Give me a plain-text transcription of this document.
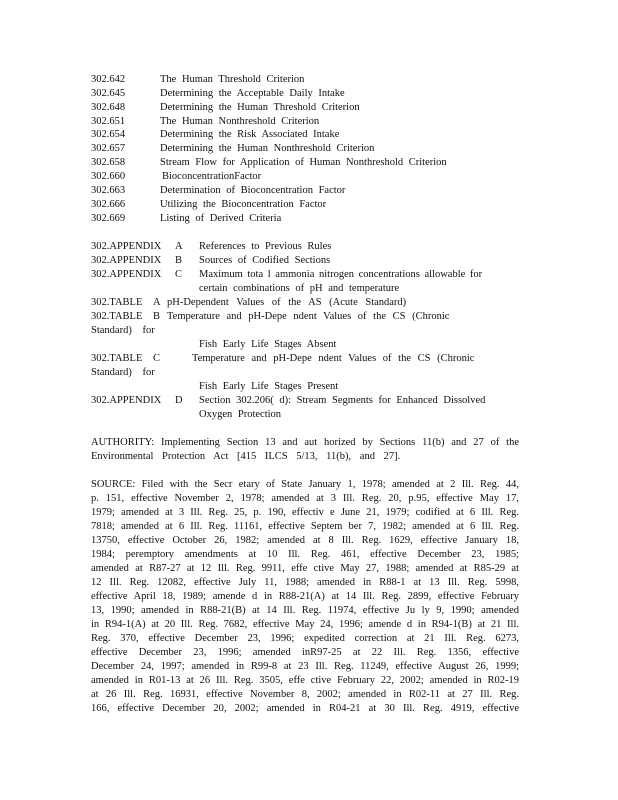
302.642	The Human Threshold Criterion
302.645	Determining the Acceptable Daily Intake
302.648	Determining the Human Threshold Criterion
302.651	The Human Nonthreshold Criterion
302.654	Determining the Risk Associated Intake
302.657	Determining the Human Nonthreshold Criterion
302.658	Stream Flow for Application of Human Nonthreshold Criterion
302.660	BioconcentrationFactor
302.663	Determination of Bioconcentration Factor
302.666	Utilizing the Bioconcentration Factor
302.669	Listing of Derived Criteria
302.APPENDIX A References to Previous Rules
302.APPENDIX B Sources of Codified Sections
302.APPENDIX C Maximum tota l ammonia nitrogen concentrations allowable for
certain combinations of pH and temperature
302.TABLE A pH-Dependent Values of the AS (Acute Standard)
302.TABLE B Temperature and pH-Depe ndent Values of the CS (Chronic
Standard) for
Fish Early Life Stages Absent
302.TABLE C	Temperature and pH-Depe ndent Values of the CS (Chronic
Standard) for
Fish Early Life Stages Present
302.APPENDIX D Section 302.206( d): Stream Segments for Enhanced Dissolved
Oxygen Protection
AUTHORITY: Implementing Section 13 and aut horized by Sections 11(b) and 27 of the
Environmental Protection Act [415 ILCS 5/13, 11(b), and 27].
SOURCE: Filed with the Secr etary of State January 1, 1978; amended at 2 Ill. Reg. 44,
p. 151, effective November 2, 1978; amended at 3 Ill. Reg. 20, p.95, effective May 17,
1979; amended at 3 Ill. Reg. 25, p. 190, effectiv e June 21, 1979; codified at 6 Ill. Reg.
7818; amended at 6 Ill. Reg. 11161, effective Septem ber 7, 1982; amended at 6 Ill. Reg.
13750, effective October 26, 1982; amended at 8 Ill. Reg. 1629, effective January 18,
1984; peremptory amendments at 10 Ill. Reg. 461, effective December 23, 1985;
amended at R87-27 at 12 Ill. Reg. 9911, effe ctive May 27, 1988; amended at R85-29 at
12 Ill. Reg. 12082, effective July 11, 1988; amended in R88-1 at 13 Ill. Reg. 5998,
effective April 18, 1989; amende d in R88-21(A) at 14 Ill. Reg. 2899, effective February
13, 1990; amended in R88-21(B) at 14 Ill. Reg. 11974, effective Ju ly 9, 1990; amended
in R94-1(A) at 20 Ill. Reg. 7682, effective May 24, 1996; amende d in R94-1(B) at 21 Ill.
Reg. 370, effective December 23, 1996; expedited correction at 21 Ill. Reg. 6273,
effective December 23, 1996; amended inR97-25 at 22 Ill. Reg. 1356, effective
December 24, 1997; amended in R99-8 at 23 Ill. Reg. 11249, effective August 26, 1999;
amended in R01-13 at 26 Ill. Reg. 3505, effe ctive February 22, 2002; amended in R02-19
at 26 Ill. Reg. 16931, effective November 8, 2002; amended in R02-11 at 27 Ill. Reg.
166, effective December 20, 2002; amended in R04-21 at 30 Ill. Reg. 4919, effective
